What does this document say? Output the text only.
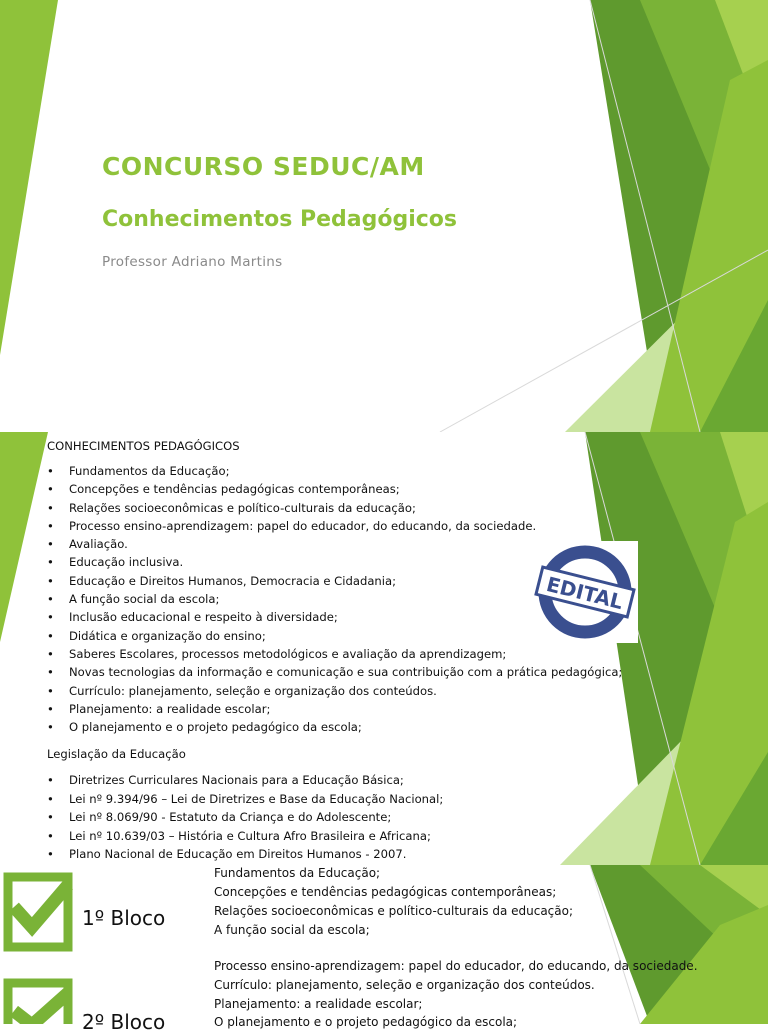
CONCURSO SEDUC/AM
Conhecimentos Pedagógicos
Professor Adriano Martins
CONHECIMENTOS PEDAGÓGICOS
• Fundamentos da Educação;
• Concepções e tendências pedagógicas contemporâneas;
• Relações socioeconômicas e político-culturais da educação;
• Processo ensino-aprendizagem: papel do educador, do educando, da sociedade.
• Avaliação.
• Educação inclusiva.
• Educação e Direitos Humanos, Democracia e Cidadania;
• A função social da escola;
• Inclusão educacional e respeito à diversidade;
• Didática e organização do ensino;
• Saberes Escolares, processos metodológicos e avaliação da aprendizagem;
• Novas tecnologias da informação e comunicação e sua contribuição com a prática pedagógica;
• Currículo: planejamento, seleção e organização dos conteúdos.
• Planejamento: a realidade escolar;
• O planejamento e o projeto pedagógico da escola;
Legislação da Educação
• Diretrizes Curriculares Nacionais para a Educação Básica;
• Lei nº 9.394/96 – Lei de Diretrizes e Base da Educação Nacional;
• Lei nº 8.069/90 - Estatuto da Criança e do Adolescente;
• Lei nº 10.639/03 – História e Cultura Afro Brasileira e Africana;
• Plano Nacional de Educação em Direitos Humanos - 2007.
EDITAL
1º Bloco
2º Bloco
Fundamentos da Educação;
Concepções e tendências pedagógicas contemporâneas;
Relações socioeconômicas e político-culturais da educação;
A função social da escola;
Processo ensino-aprendizagem: papel do educador, do educando, da sociedade.
Currículo: planejamento, seleção e organização dos conteúdos.
Planejamento: a realidade escolar;
O planejamento e o projeto pedagógico da escola;
